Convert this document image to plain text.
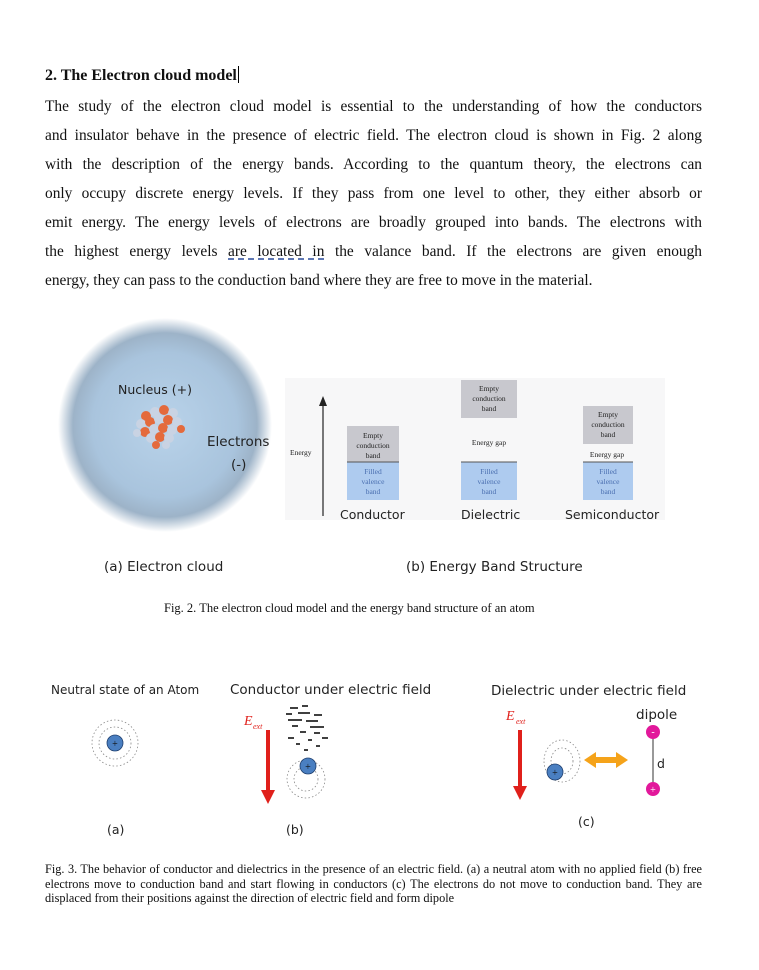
2. The Electron cloud model
The study of the electron cloud model is essential to the understanding of how the conductors
and insulator behave in the presence of electric field. The electron cloud is shown in Fig. 2 along
with the description of the energy bands. According to the quantum theory, the electrons can
only occupy discrete energy levels. If they pass from one level to other, they either absorb or
emit energy. The energy levels of electrons are broadly grouped into bands. The electrons with
the highest energy levels are located in the valance band. If the electrons are given enough
energy, they can pass to the conduction band where they are free to move in the material.
Nucleus (+)
Electrons
(-)
Energy
Empty
conduction
band
Filled
valence
band
Empty
conduction
band
Energy gap
Filled
valence
band
Empty
conduction
band
Energy gap
Filled
valence
band
Conductor	Dielectric	Semiconductor
(a) Electron cloud	(b) Energy Band Structure
Fig. 2. The electron cloud model and the energy band structure of an atom
Neutral state of an Atom Conductor under electric field	Dielectric under electric field
+
E ext
+
E ext
+
-
+
dipole
d
(a)	(b)
(c)
Fig. 3. The behavior of conductor and dielectrics in the presence of an electric field. (a) a neutral atom with no applied field (b) free electrons move to conduction band and start flowing in conductors (c) The electrons do not move to conduction band. They are displaced from their positions against the direction of electric field and form dipole
